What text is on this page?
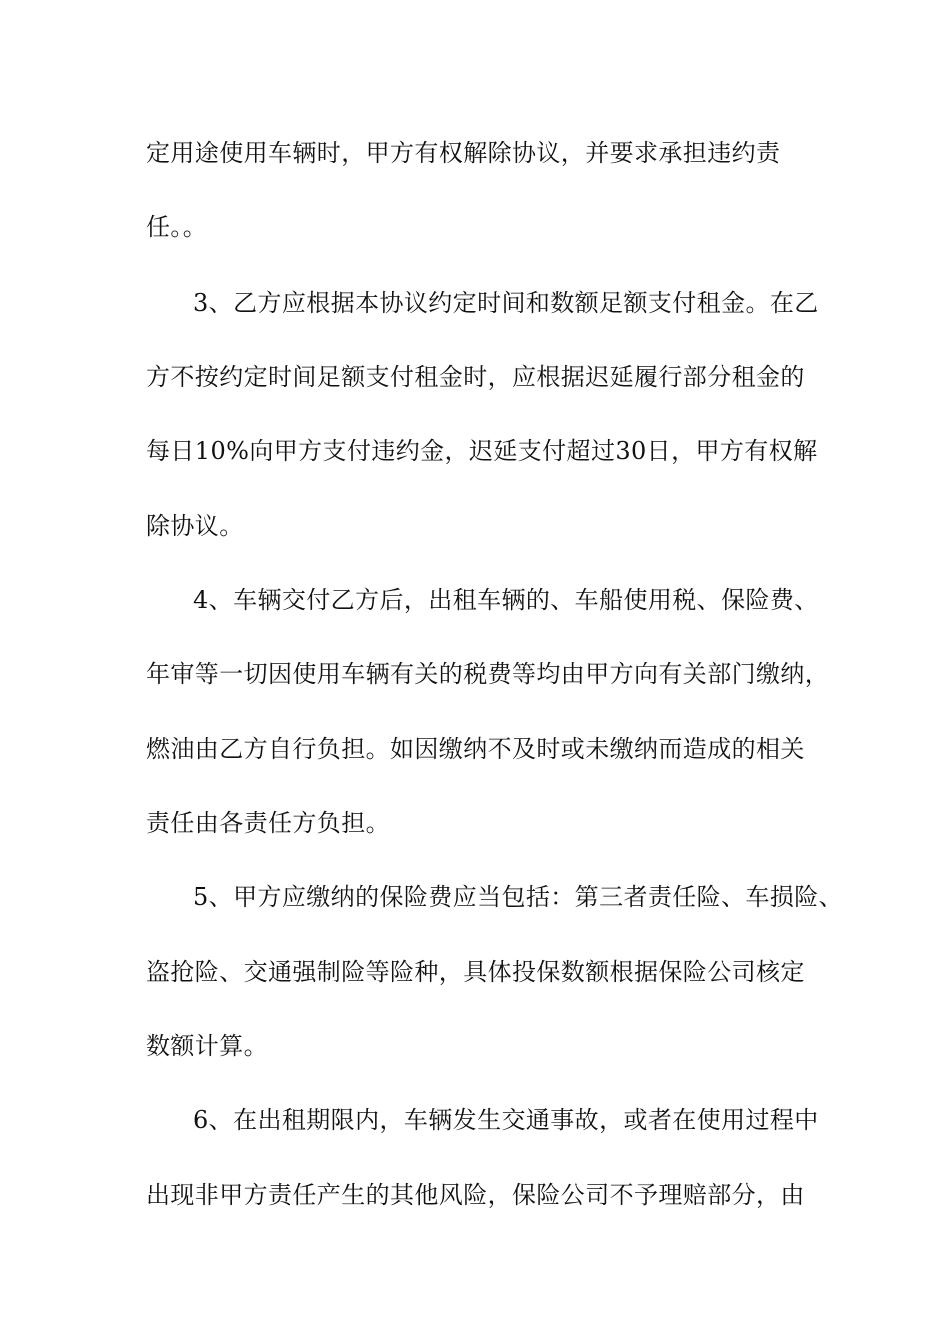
定用途使用车辆时，甲方有权解除协议，并要求承担违约责
任。。
3、乙方应根据本协议约定时间和数额足额支付租金。在乙
方不按约定时间足额支付租金时，应根据迟延履行部分租金的
每日10%向甲方支付违约金，迟延支付超过30日，甲方有权解
除协议。
4、车辆交付乙方后，出租车辆的、车船使用税、保险费、
年审等一切因使用车辆有关的税费等均由甲方向有关部门缴纳，
燃油由乙方自行负担。如因缴纳不及时或未缴纳而造成的相关
责任由各责任方负担。
5、甲方应缴纳的保险费应当包括：第三者责任险、车损险、
盗抢险、交通强制险等险种，具体投保数额根据保险公司核定
数额计算。
6、在出租期限内，车辆发生交通事故，或者在使用过程中
出现非甲方责任产生的其他风险，保险公司不予理赔部分，由
